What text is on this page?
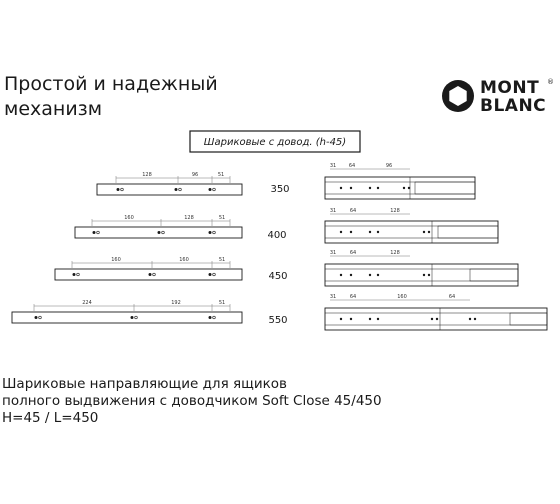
Простой и надежный
механизм
MONT
BLANC
®
Шариковые с довод. (h-45)
128	96	51
350
31	64	96
160	128	51
400
31	64	128
160	160	51
450
31	64	128
224	192	51
550
31	64	160	64

Шариковые направляющие для ящиков
полного выдвижения с доводчиком Soft Close 45/450
H=45 / L=450
